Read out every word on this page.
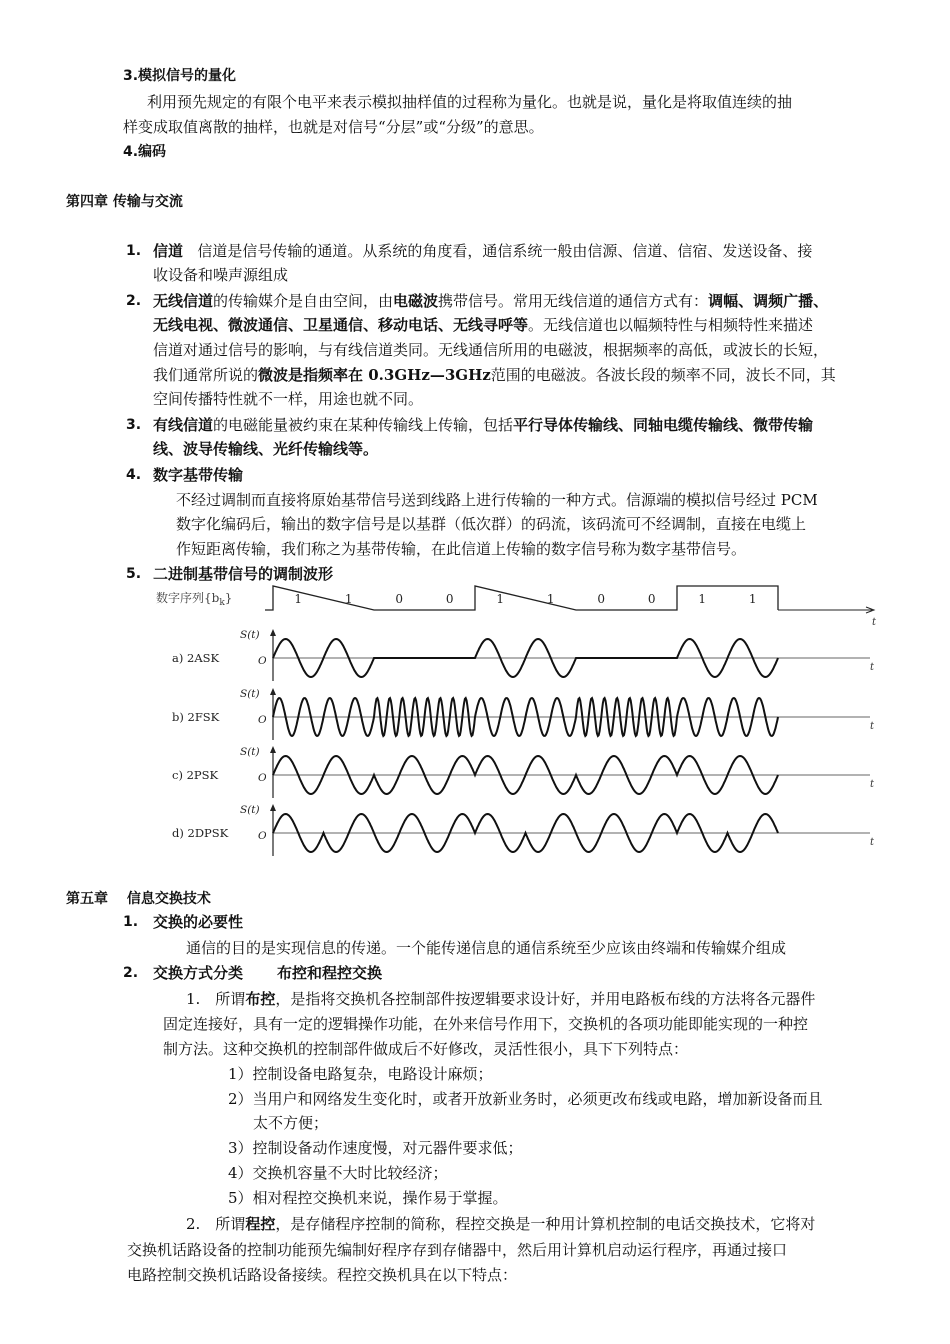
3.模拟信号的量化
利用预先规定的有限个电平来表示模拟抽样值的过程称为量化。也就是说，量化是将取值连续的抽
样变成取值离散的抽样，也就是对信号“分层”或“分级”的意思。
4.编码
第四章 传输与交流
1. 信道 信道是信号传输的通道。从系统的角度看，通信系统一般由信源、信道、信宿、发送设备、接
收设备和噪声源组成
2. 无线信道的传输媒介是自由空间，由电磁波携带信号。常用无线信道的通信方式有：调幅、调频广播、
无线电视、微波通信、卫星通信、移动电话、无线寻呼等。无线信道也以幅频特性与相频特性来描述
信道对通过信号的影响，与有线信道类同。无线通信所用的电磁波，根据频率的高低，或波长的长短，
我们通常所说的微波是指频率在 0.3GHz—3GHz范围的电磁波。各波长段的频率不同，波长不同，其
空间传播特性就不一样，用途也就不同。
3. 有线信道的电磁能量被约束在某种传输线上传输，包括平行导体传输线、同轴电缆传输线、微带传输
线、波导传输线、光纤传输线等。
4. 数字基带传输
不经过调制而直接将原始基带信号送到线路上进行传输的一种方式。信源端的模拟信号经过 PCM
数字化编码后，输出的数字信号是以基群（低次群）的码流，该码流可不经调制，直接在电缆上
作短距离传输，我们称之为基带传输，在此信道上传输的数字信号称为数字基带信号。
5. 二进制基带信号的调制波形
数字序列$\{b_k\}$
t
1	1	0	0	1	1	0	0	1	1
a) 2ASK
S(t)
O
t
b) 2FSK
S(t)
O
t
c) 2PSK
S(t)
O
t
d) 2DPSK
S(t)
O
t
第五章　 信息交换技术
1. 交换的必要性
通信的目的是实现信息的传递。一个能传递信息的通信系统至少应该由终端和传输媒介组成
2. 交换方式分类 布控和程控交换
1.　所谓布控，是指将交换机各控制部件按逻辑要求设计好，并用电路板布线的方法将各元器件
固定连接好，具有一定的逻辑操作功能，在外来信号作用下，交换机的各项功能即能实现的一种控
制方法。这种交换机的控制部件做成后不好修改，灵活性很小，具下下列特点：
1）控制设备电路复杂，电路设计麻烦；
2）当用户和网络发生变化时，或者开放新业务时，必须更改布线或电路，增加新设备而且
太不方便；
3）控制设备动作速度慢，对元器件要求低；
4）交换机容量不大时比较经济；
5）相对程控交换机来说，操作易于掌握。
2.　所谓程控，是存储程序控制的简称，程控交换是一种用计算机控制的电话交换技术，它将对
交换机话路设备的控制功能预先编制好程序存到存储器中，然后用计算机启动运行程序，再通过接口
电路控制交换机话路设备接续。程控交换机具在以下特点：
